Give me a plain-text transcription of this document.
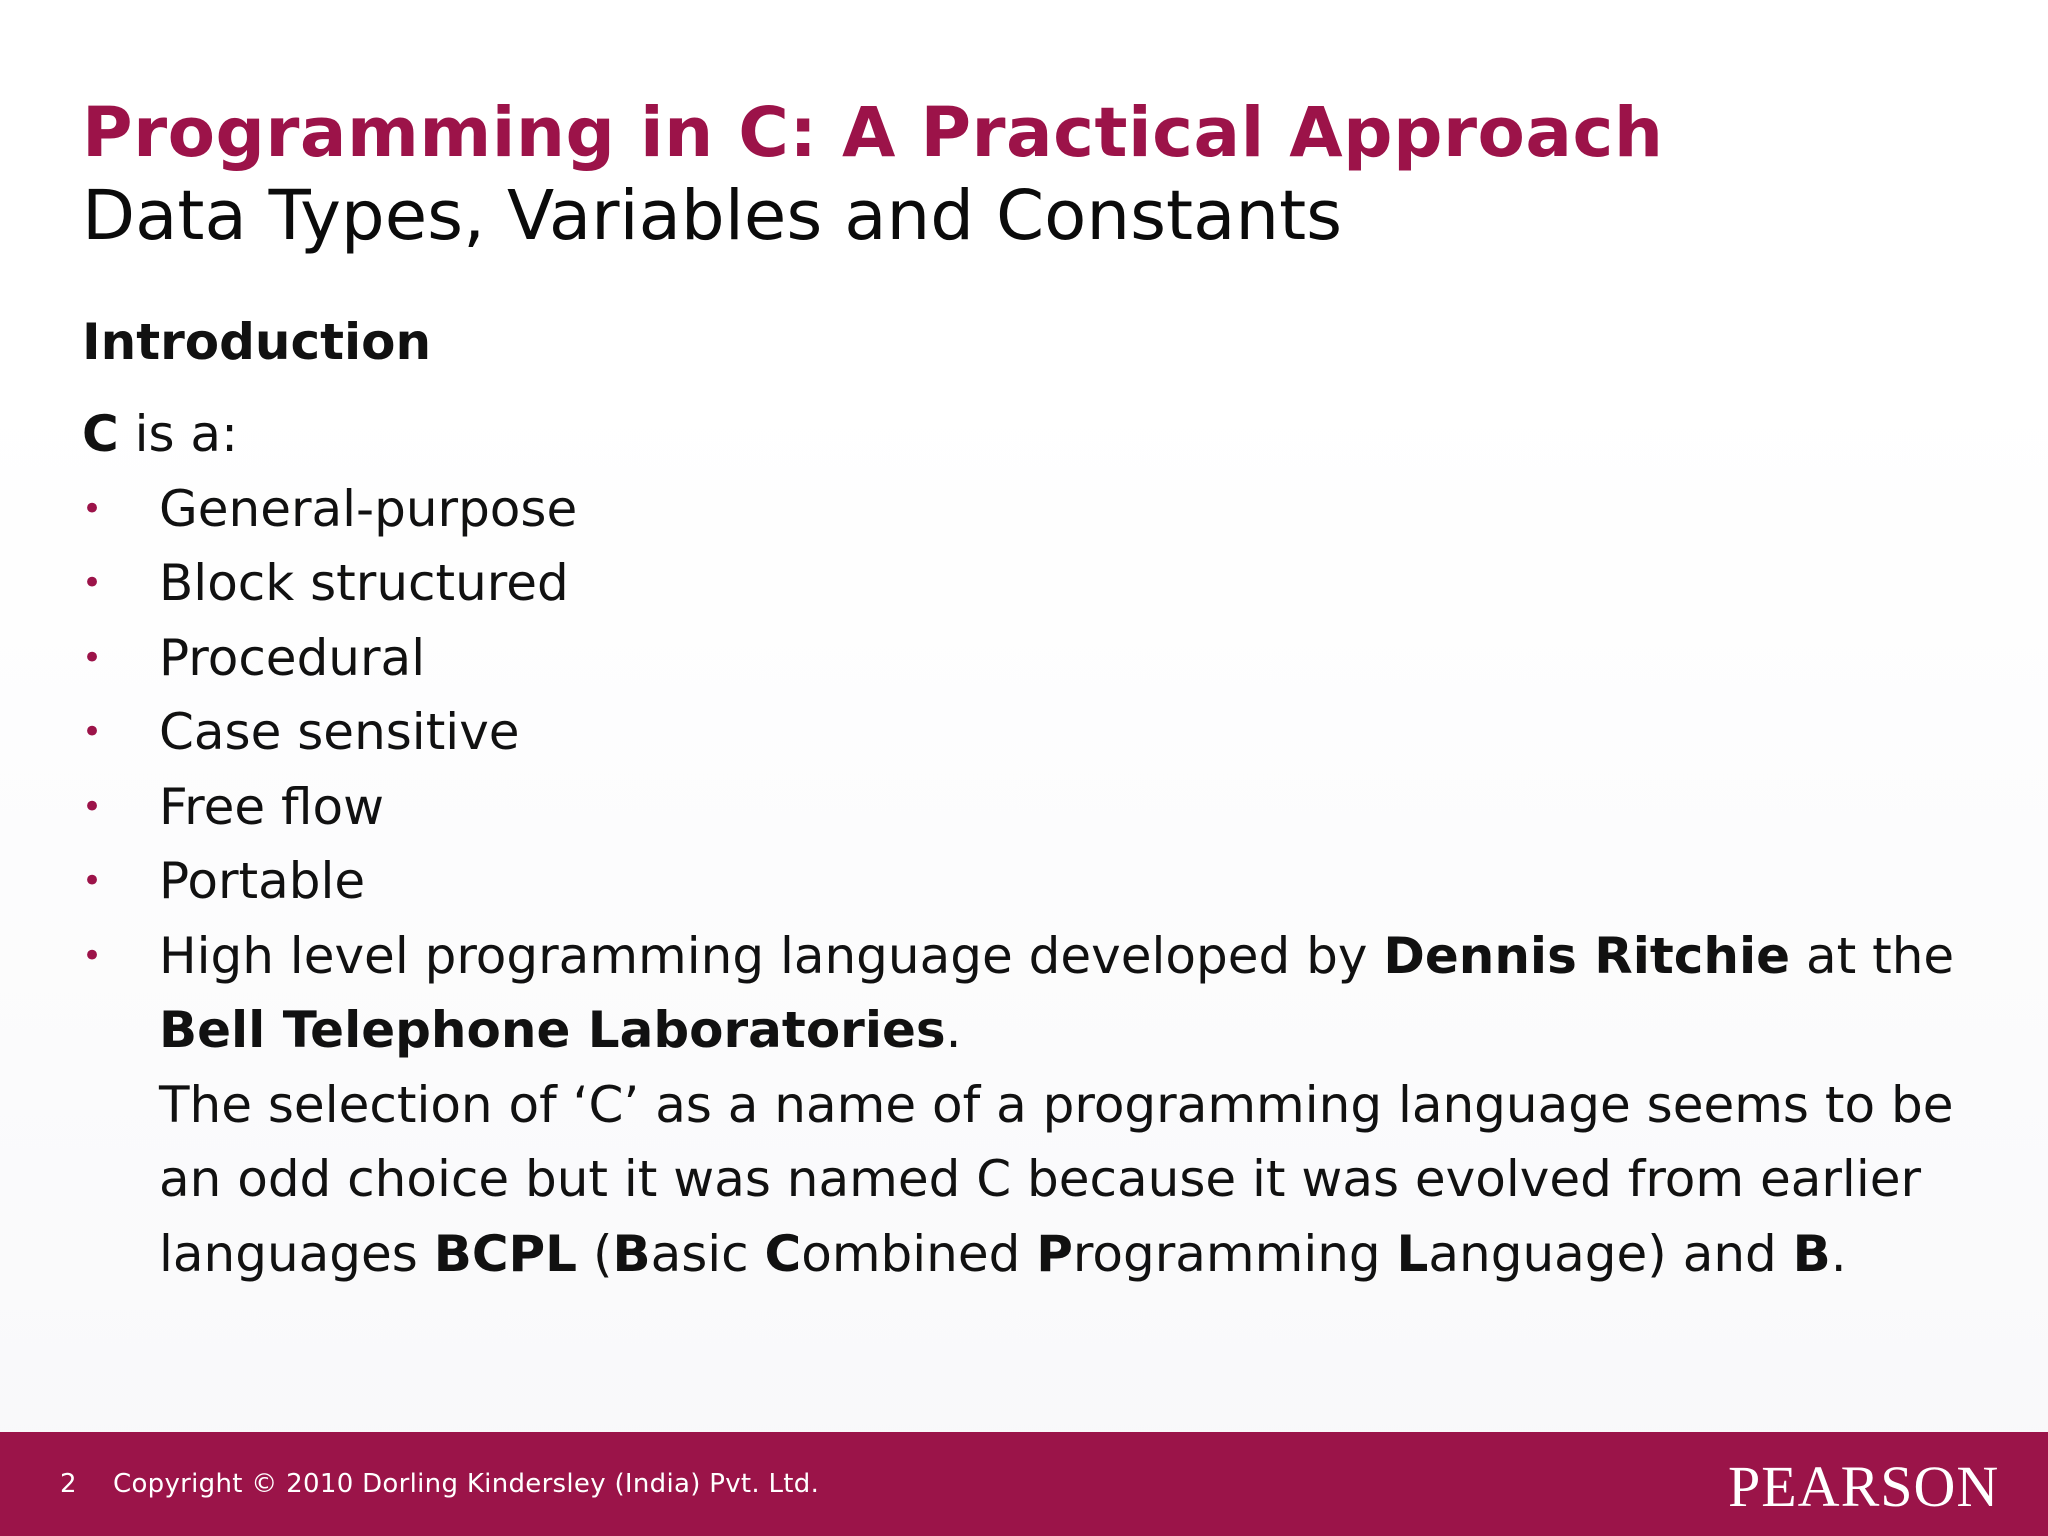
Programming in C: A Practical Approach
Data Types, Variables and Constants
Introduction
C is a:
• General-purpose
• Block structured
• Procedural
• Case sensitive
• Free flow
• Portable
• High level programming language developed by Dennis Ritchie at the Bell Telephone Laboratories.
The selection of ‘C’ as a name of a programming language seems to be an odd choice but it was named C because it was evolved from earlier languages BCPL (Basic Combined Programming Language) and B.
2 Copyright © 2010 Dorling Kindersley (India) Pvt. Ltd.	PEARSON
